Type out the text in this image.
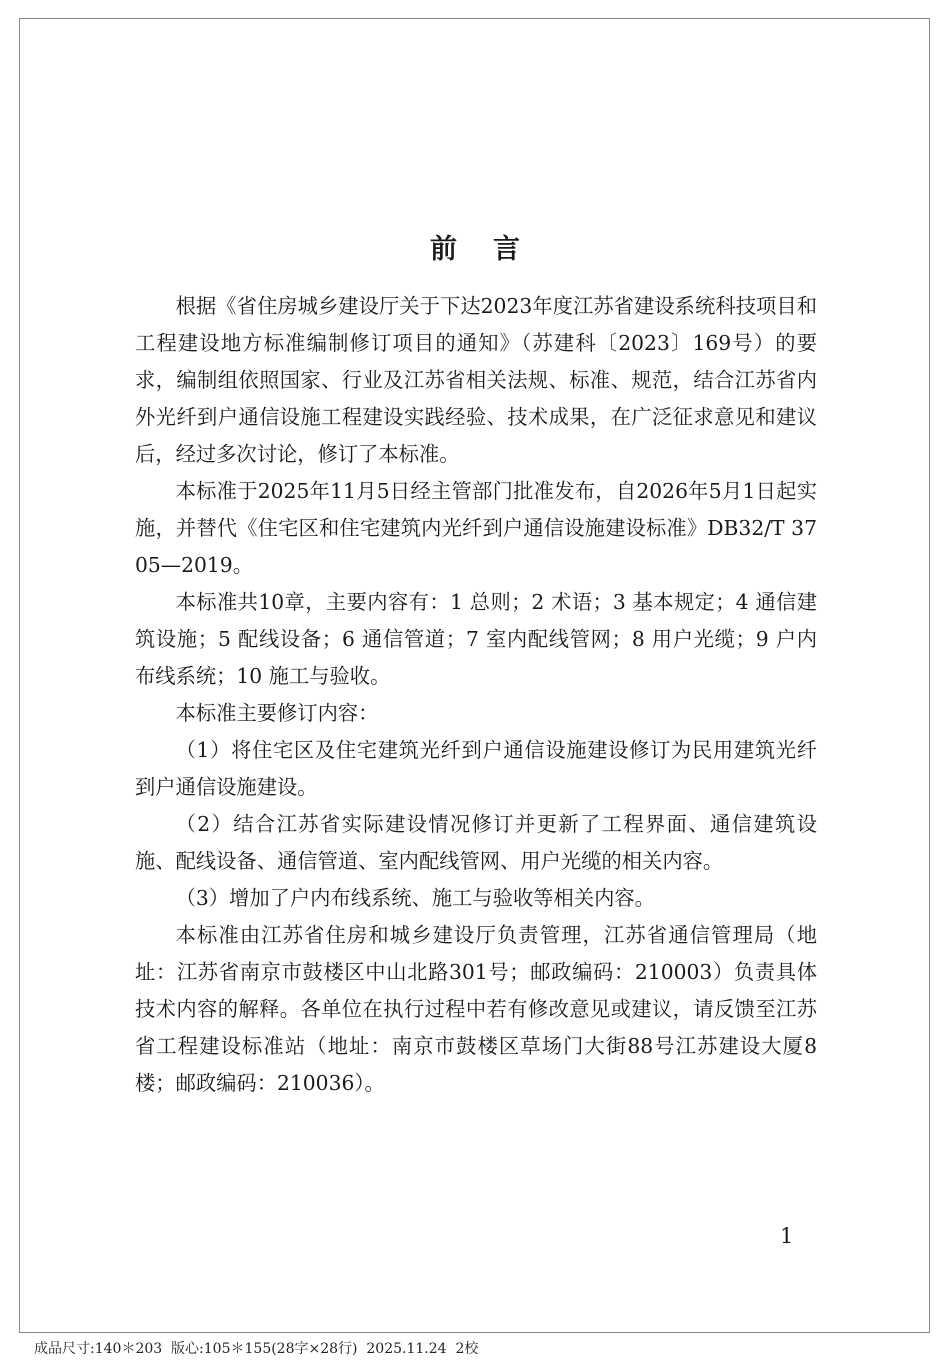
前言

根据《省住房城乡建设厅关于下达2023年度江苏省建设系统科技项目和工程建设地方标准编制修订项目的通知》（苏建科〔2023〕169号）的要求，编制组依照国家、行业及江苏省相关法规、标准、规范，结合江苏省内外光纤到户通信设施工程建设实践经验、技术成果，在广泛征求意见和建议后，经过多次讨论，修订了本标准。

本标准于2025年11月5日经主管部门批准发布，自2026年5月1日起实施，并替代《住宅区和住宅建筑内光纤到户通信设施建设标准》DB32/T 3705—2019。

本标准共10章，主要内容有：1 总则；2 术语；3 基本规定；4 通信建筑设施；5 配线设备；6 通信管道；7 室内配线管网；8 用户光缆；9 户内布线系统；10 施工与验收。

本标准主要修订内容：

（1）将住宅区及住宅建筑光纤到户通信设施建设修订为民用建筑光纤到户通信设施建设。

（2）结合江苏省实际建设情况修订并更新了工程界面、通信建筑设施、配线设备、通信管道、室内配线管网、用户光缆的相关内容。

（3）增加了户内布线系统、施工与验收等相关内容。

本标准由江苏省住房和城乡建设厅负责管理，江苏省通信管理局（地址：江苏省南京市鼓楼区中山北路301号；邮政编码：210003）负责具体技术内容的解释。各单位在执行过程中若有修改意见或建议，请反馈至江苏省工程建设标准站（地址：南京市鼓楼区草场门大街88号江苏建设大厦8楼；邮政编码：210036）。

1
成品尺寸:140＊203  版心:105＊155(28字×28行)  2025.11.24  2校
